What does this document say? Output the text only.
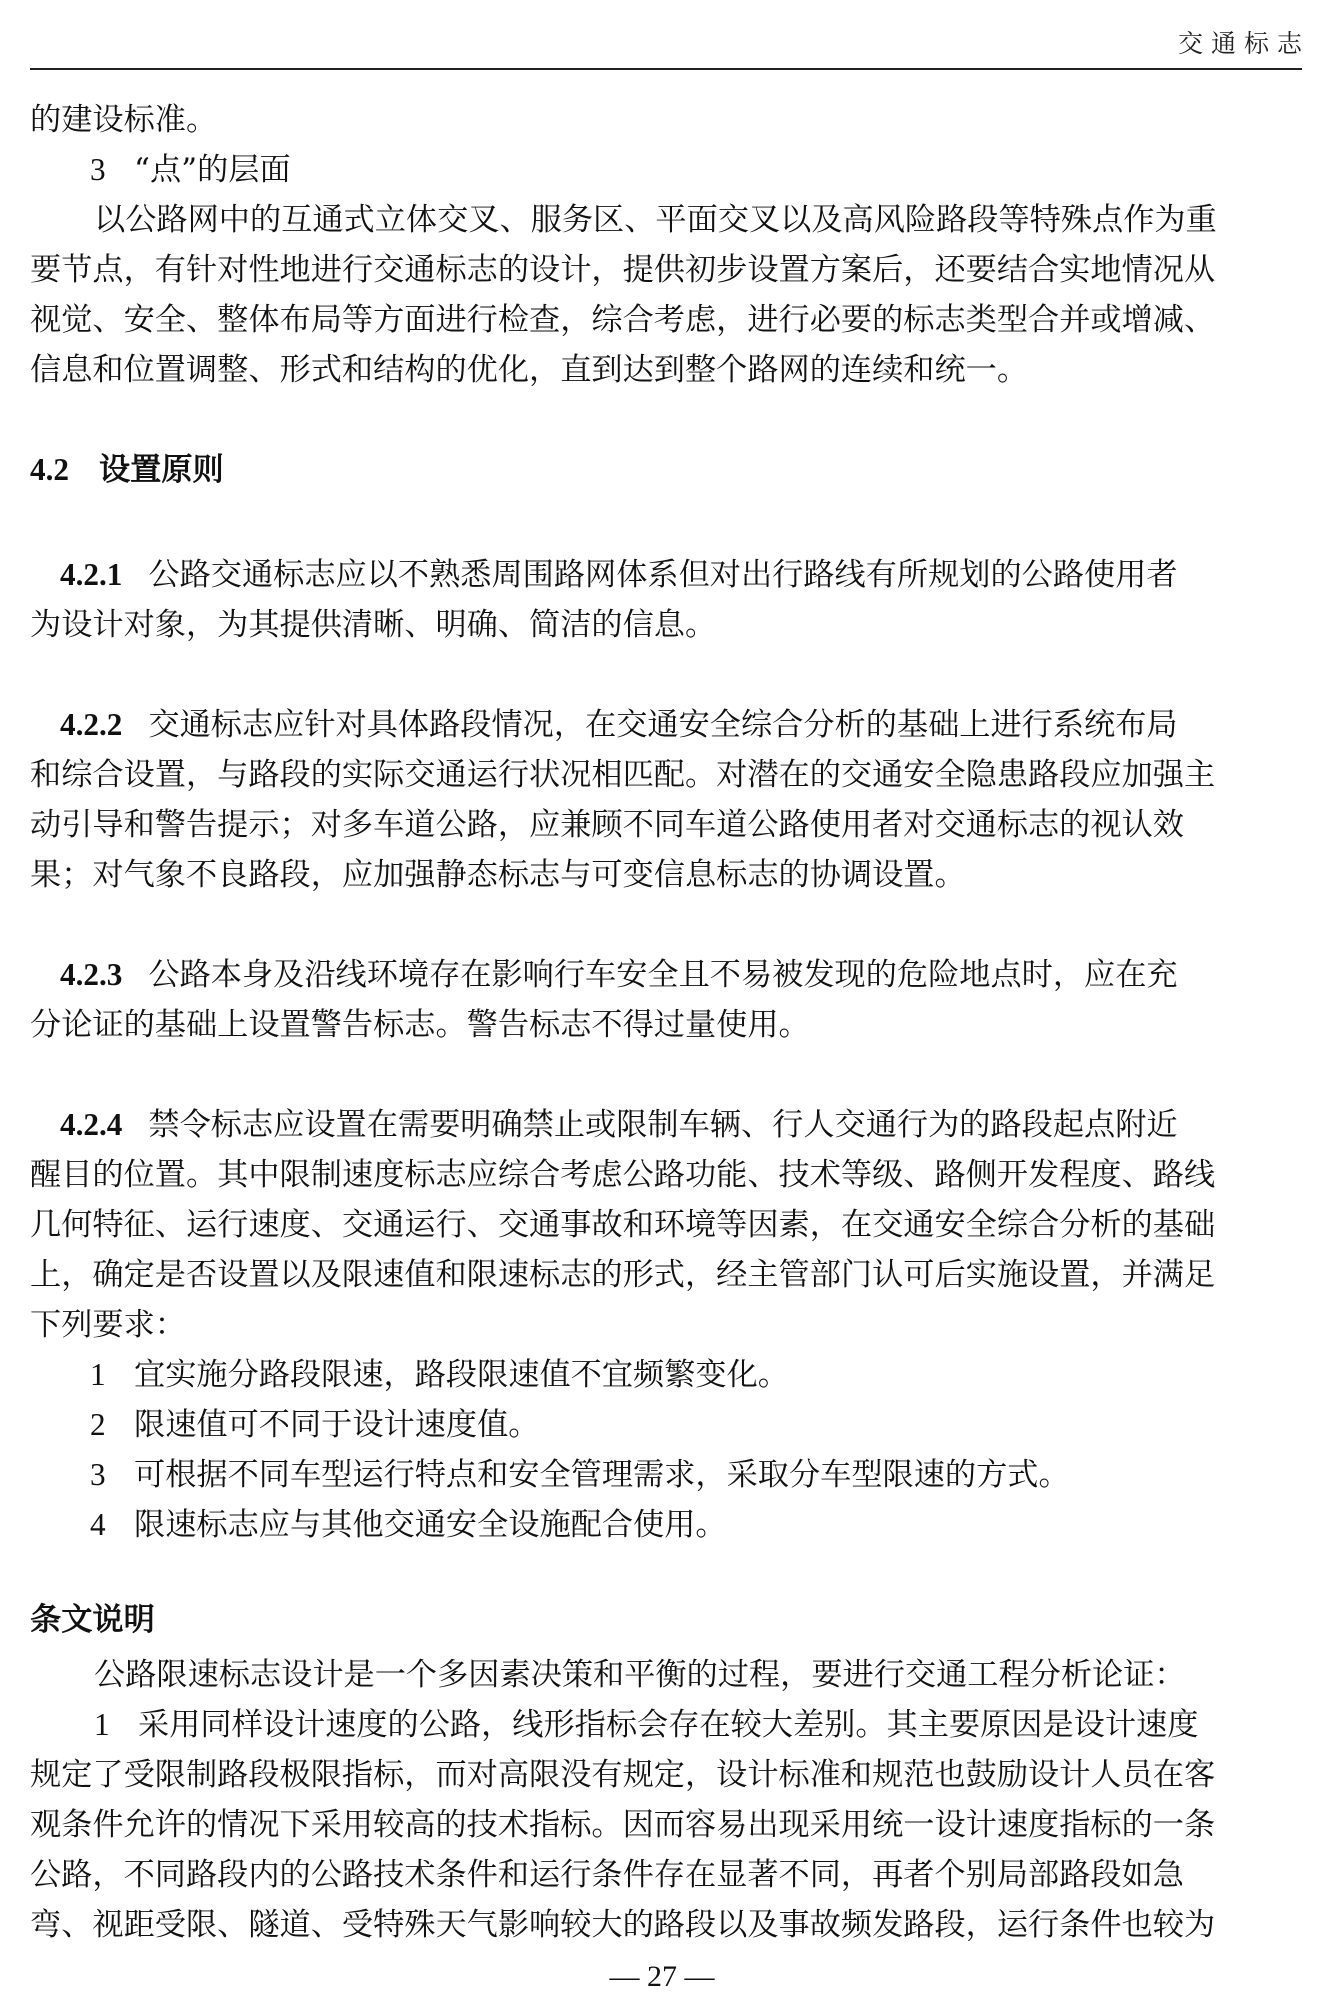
交通标志
的建设标准。
3 “点”的层面
以公路网中的互通式立体交叉、服务区、平面交叉以及高风险路段等特殊点作为重
要节点，有针对性地进行交通标志的设计，提供初步设置方案后，还要结合实地情况从
视觉、安全、整体布局等方面进行检查，综合考虑，进行必要的标志类型合并或增减、
信息和位置调整、形式和结构的优化，直到达到整个路网的连续和统一。
4.2 设置原则
4.2.1 公路交通标志应以不熟悉周围路网体系但对出行路线有所规划的公路使用者
为设计对象，为其提供清晰、明确、简洁的信息。
4.2.2 交通标志应针对具体路段情况，在交通安全综合分析的基础上进行系统布局
和综合设置，与路段的实际交通运行状况相匹配。对潜在的交通安全隐患路段应加强主
动引导和警告提示；对多车道公路，应兼顾不同车道公路使用者对交通标志的视认效
果；对气象不良路段，应加强静态标志与可变信息标志的协调设置。
4.2.3 公路本身及沿线环境存在影响行车安全且不易被发现的危险地点时，应在充
分论证的基础上设置警告标志。警告标志不得过量使用。
4.2.4 禁令标志应设置在需要明确禁止或限制车辆、行人交通行为的路段起点附近
醒目的位置。其中限制速度标志应综合考虑公路功能、技术等级、路侧开发程度、路线
几何特征、运行速度、交通运行、交通事故和环境等因素，在交通安全综合分析的基础
上，确定是否设置以及限速值和限速标志的形式，经主管部门认可后实施设置，并满足
下列要求：
1 宜实施分路段限速，路段限速值不宜频繁变化。
2 限速值可不同于设计速度值。
3 可根据不同车型运行特点和安全管理需求，采取分车型限速的方式。
4 限速标志应与其他交通安全设施配合使用。
条文说明
公路限速标志设计是一个多因素决策和平衡的过程，要进行交通工程分析论证：
1 采用同样设计速度的公路，线形指标会存在较大差别。其主要原因是设计速度
规定了受限制路段极限指标，而对高限没有规定，设计标准和规范也鼓励设计人员在客
观条件允许的情况下采用较高的技术指标。因而容易出现采用统一设计速度指标的一条
公路，不同路段内的公路技术条件和运行条件存在显著不同，再者个别局部路段如急
弯、视距受限、隧道、受特殊天气影响较大的路段以及事故频发路段，运行条件也较为
— 27 —
